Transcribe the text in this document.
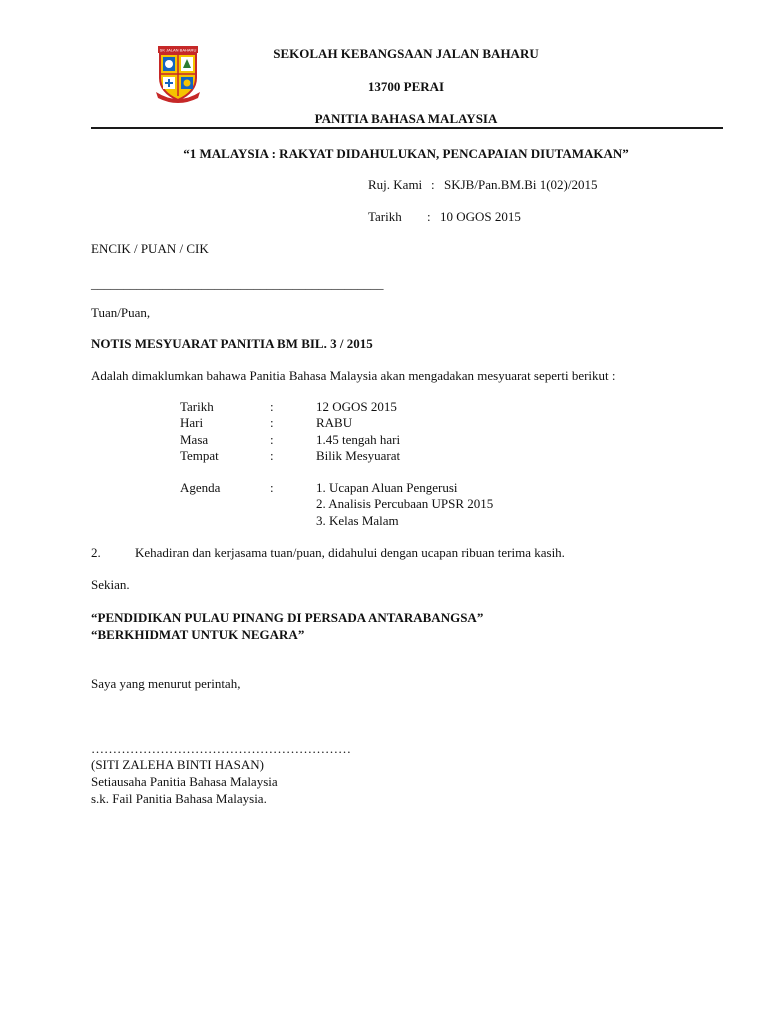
SK JALAN BAHARU	SEKOLAH KEBANGSAAN JALAN BAHARU
13700 PERAI
PANITIA BAHASA MALAYSIA
“1 MALAYSIA : RAKYAT DIDAHULUKAN, PENCAPAIAN DIUTAMAKAN”
Ruj. Kami : SKJB/Pan.BM.Bi 1(02)/2015
Tarikh : 10 OGOS 2015
ENCIK / PUAN / CIK
_____________________________________________
Tuan/Puan,
NOTIS MESYUARAT PANITIA BM BIL. 3 / 2015
Adalah dimaklumkan bahawa Panitia Bahasa Malaysia akan mengadakan mesyuarat seperti berikut :
Tarikh	:	12 OGOS 2015
Hari	:	RABU
Masa	:	1.45 tengah hari
Tempat	:	Bilik Mesyuarat
Agenda	:	1. Ucapan Aluan Pengerusi
2. Analisis Percubaan UPSR 2015
3. Kelas Malam
2.	Kehadiran dan kerjasama tuan/puan, didahului dengan ucapan ribuan terima kasih.
Sekian.
“PENDIDIKAN PULAU PINANG DI PERSADA ANTARABANGSA”
“BERKHIDMAT UNTUK NEGARA”
Saya yang menurut perintah,
……………………………………………………
(SITI ZALEHA BINTI HASAN)
Setiausaha Panitia Bahasa Malaysia
s.k. Fail Panitia Bahasa Malaysia.
